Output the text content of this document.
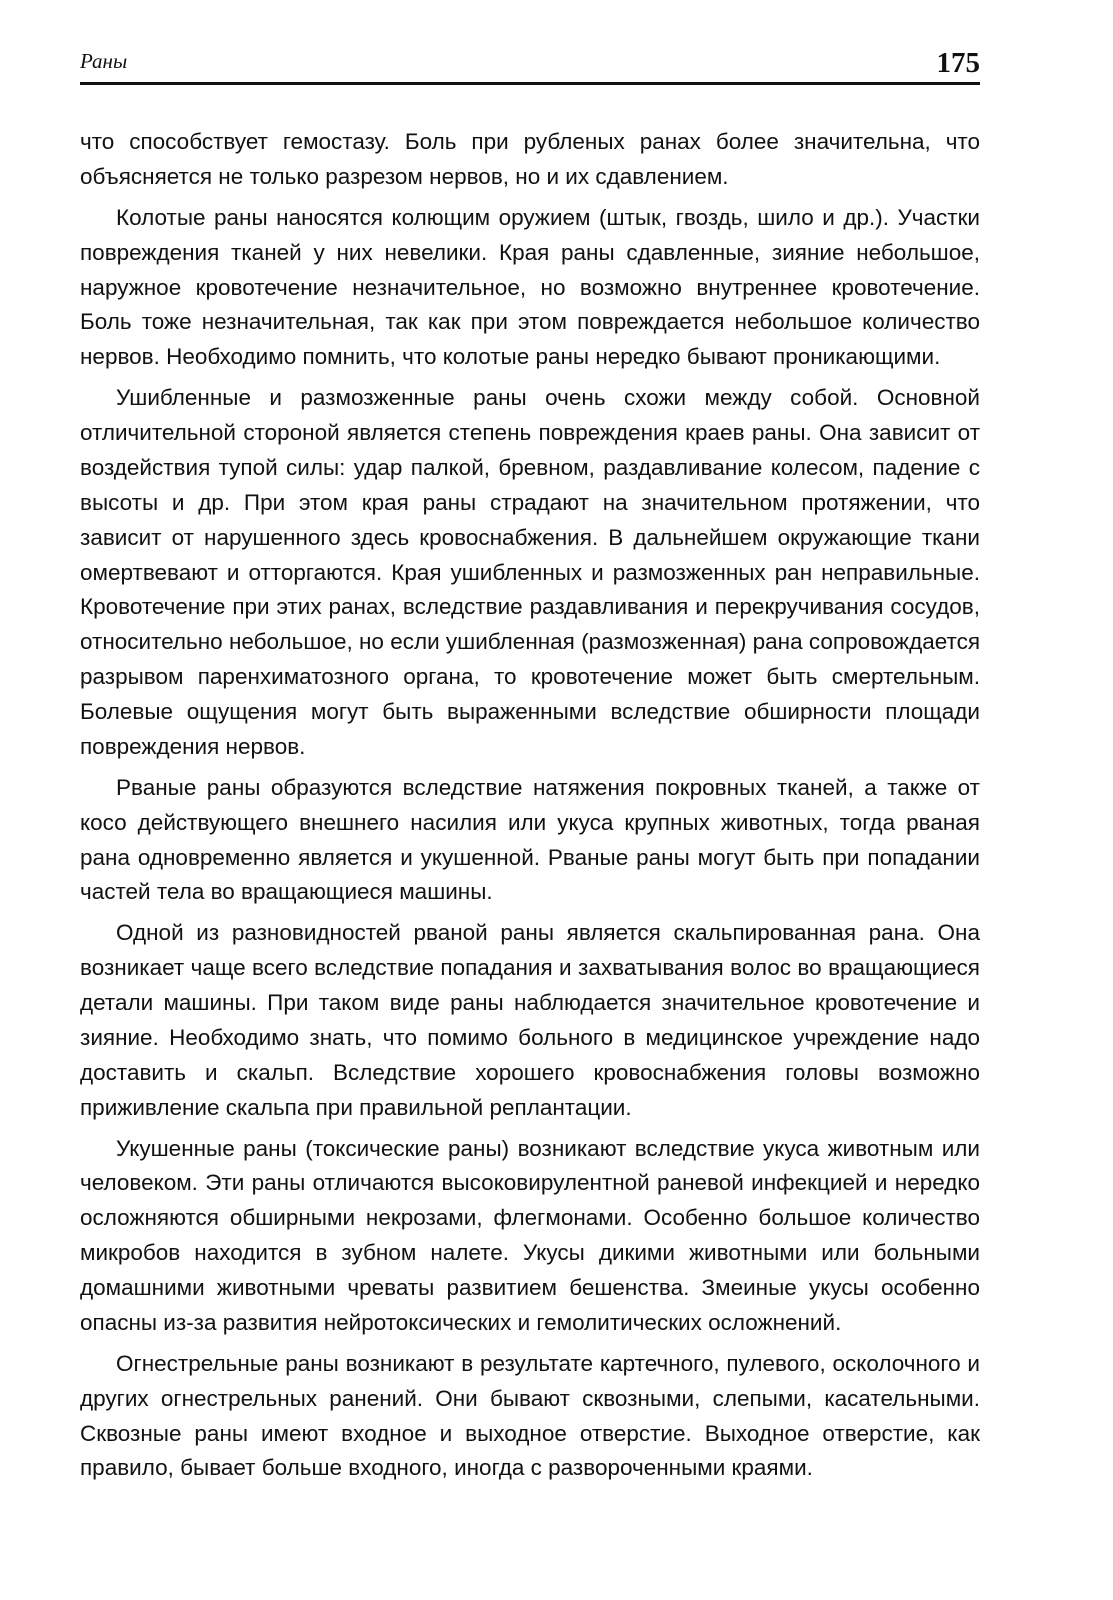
Раны	175

что способствует гемостазу. Боль при рубленых ранах более значительна, что объясняется не только разрезом нервов, но и их сдавлением.

Колотые раны наносятся колющим оружием (штык, гвоздь, шило и др.). Участки повреждения тканей у них невелики. Края раны сдавленные, зияние небольшое, наружное кровотечение незначительное, но возможно внутреннее кровотечение. Боль тоже незначительная, так как при этом повреждается небольшое количество нервов. Необходимо помнить, что колотые раны нередко бывают проникающими.

Ушибленные и размозженные раны очень схожи между собой. Основной отличительной стороной является степень повреждения краев раны. Она зависит от воздействия тупой силы: удар палкой, бревном, раздавливание колесом, падение с высоты и др. При этом края раны страдают на значительном протяжении, что зависит от нарушенного здесь кровоснабжения. В дальнейшем окружающие ткани омертвевают и отторгаются. Края ушибленных и размозженных ран неправильные. Кровотечение при этих ранах, вследствие раздавливания и перекручивания сосудов, относительно небольшое, но если ушибленная (размозженная) рана сопровождается разрывом паренхиматозного органа, то кровотечение может быть смертельным. Болевые ощущения могут быть выраженными вследствие обширности площади повреждения нервов.

Рваные раны образуются вследствие натяжения покровных тканей, а также от косо действующего внешнего насилия или укуса крупных животных, тогда рваная рана одновременно является и укушенной. Рваные раны могут быть при попадании частей тела во вращающиеся машины.

Одной из разновидностей рваной раны является скальпированная рана. Она возникает чаще всего вследствие попадания и захватывания волос во вращающиеся детали машины. При таком виде раны наблюдается значительное кровотечение и зияние. Необходимо знать, что помимо больного в медицинское учреждение надо доставить и скальп. Вследствие хорошего кровоснабжения головы возможно приживление скальпа при правильной реплантации.

Укушенные раны (токсические раны) возникают вследствие укуса животным или человеком. Эти раны отличаются высоковирулентной раневой инфекцией и нередко осложняются обширными некрозами, флегмонами. Особенно большое количество микробов находится в зубном налете. Укусы дикими животными или больными домашними животными чреваты развитием бешенства. Змеиные укусы особенно опасны из-за развития нейротоксических и гемолитических осложнений.

Огнестрельные раны возникают в результате картечного, пулевого, осколочного и других огнестрельных ранений. Они бывают сквозными, слепыми, касательными. Сквозные раны имеют входное и выходное отверстие. Выходное отверстие, как правило, бывает больше входного, иногда с развороченными краями.
